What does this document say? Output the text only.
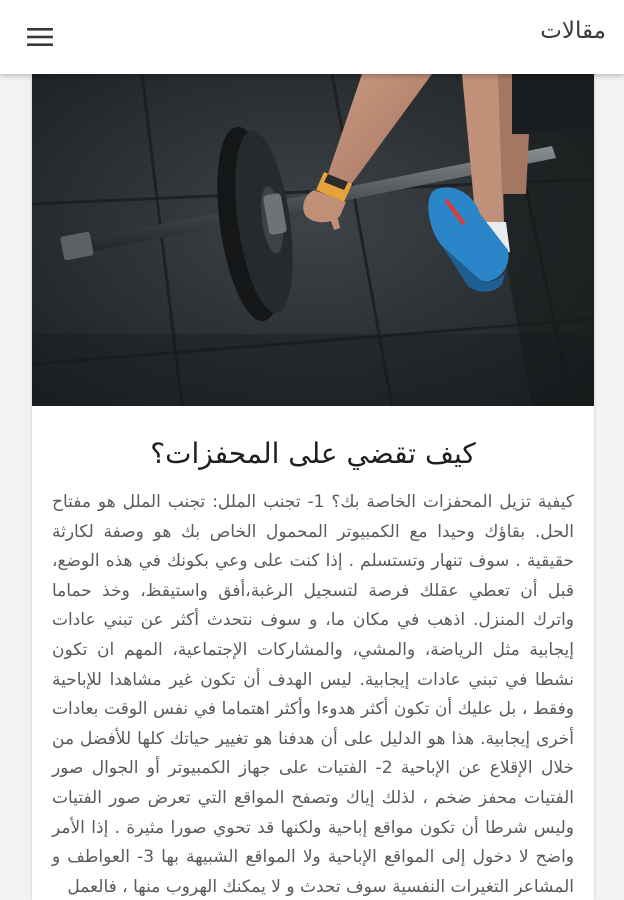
مقالات
كيف تقضي على المحفزات؟
كيفية تزيل المحفزات الخاصة بك؟ 1- تجنب الملل: تجنب الملل هو مفتاح الحل. بقاؤك وحيدا مع الكمبيوتر المحمول الخاص بك هو وصفة لكارثة حقيقية . سوف تنهار وتستسلم . إذا كنت على وعي بكونك في هذه الوضع، قبل أن تعطي عقلك فرصة لتسجيل الرغبة،أفق واستيقظ، وخذ حماما واترك المنزل. اذهب في مكان ما، و سوف نتحدث أكثر عن تبني عادات إيجابية مثل الرياضة، والمشي، والمشاركات الإجتماعية، المهم ان تكون نشطا في تبني عادات إيجابية. ليس الهدف أن تكون غير مشاهدا للإباحية وفقط ، بل عليك أن تكون أكثر هدوءا وأكثر اهتماما في نفس الوقت بعادات أخرى إيجابية. هذا هو الدليل على أن هدفنا هو تغيير حياتك كلها للأفضل من خلال الإقلاع عن الإباحية 2- الفتيات على جهاز الكمبيوتر أو الجوال صور الفتيات محفز ضخم ، لذلك إياك وتصفح المواقع التي تعرض صور الفتيات وليس شرطا أن تكون مواقع إباحية ولكنها قد تحوي صورا مثيرة . إذا الأمر واضح لا دخول إلى المواقع الإباحية ولا المواقع الشبيهة بها 3- العواطف و المشاعر التغيرات النفسية سوف تحدث و لا يمكنك الهروب منها ، فالعمل
